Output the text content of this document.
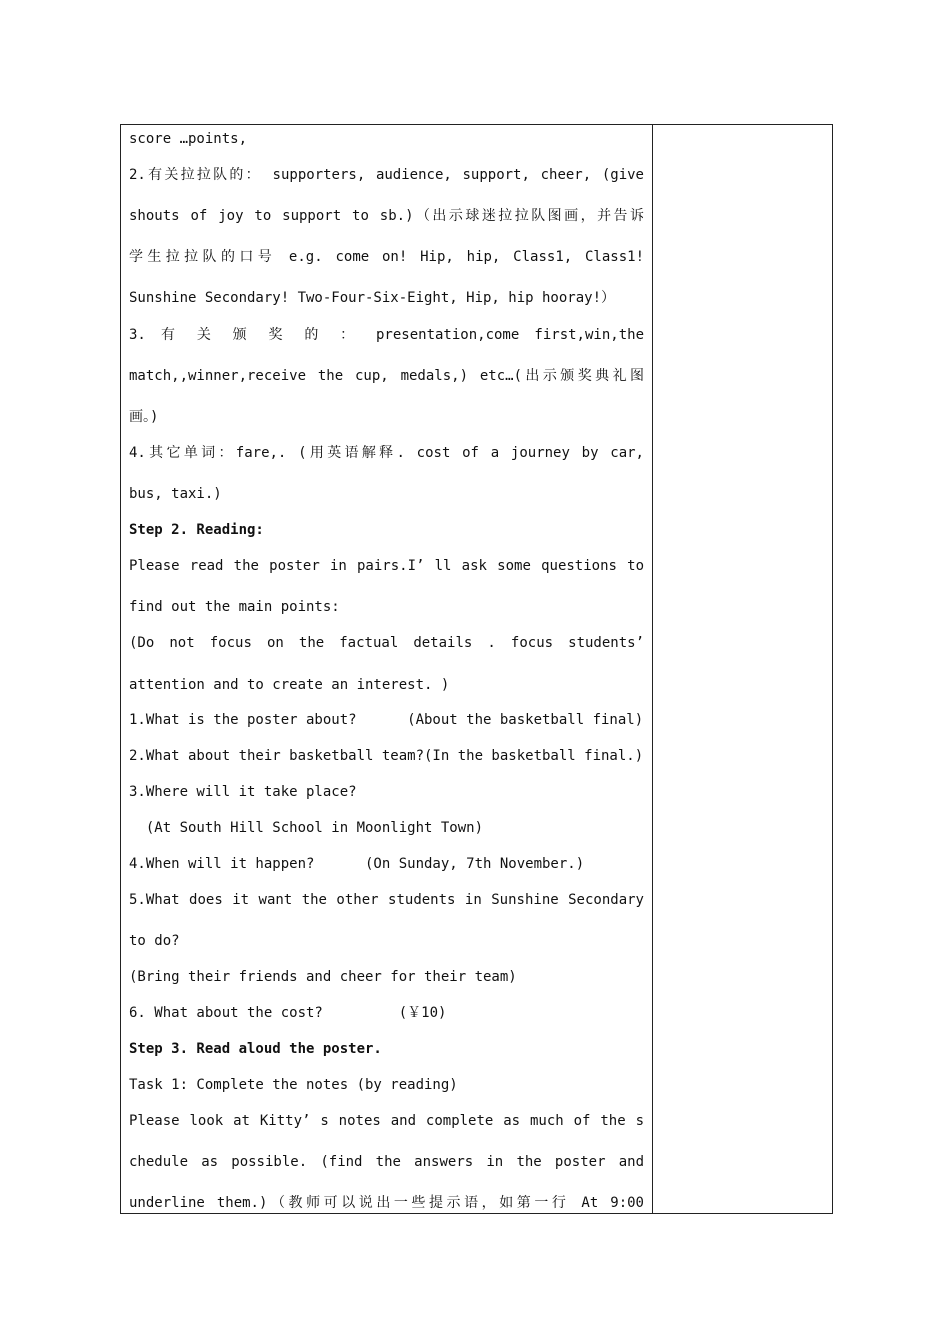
score …points,
2.有关拉拉队的： supporters, audience, support, cheer, (give
shouts of joy to support to sb.)（出示球迷拉拉队图画，并告诉
学生拉拉队的口号 e.g. come on! Hip, hip, Class1, Class1!
Sunshine Secondary! Two-Four-Six-Eight, Hip, hip hooray!）
3. 有 关 颁 奖 的 ： presentation,come first,win,the
match,,winner,receive the cup, medals,) etc…(出示颁奖典礼图
画。)
4.其它单词：fare,. (用英语解释. cost of a journey by car,
bus, taxi.)
Step 2. Reading:
Please read the poster in pairs.I’ ll ask some questions to
find out the main points:
(Do not focus on the factual details . focus students’
attention and to create an interest. )
1.What is the poster about?      (About the basketball final)
2.What about their basketball team?(In the basketball final.)
3.Where will it take place?
(At South Hill School in Moonlight Town)
4.When will it happen?      (On Sunday, 7th November.)
5.What does it want the other students in Sunshine Secondary
to do?
(Bring their friends and cheer for their team)
6. What about the cost?         (￥10)
Step 3. Read aloud the poster.
Task 1: Complete the notes (by reading)
Please look at Kitty’ s notes and complete as much of the s
chedule as possible. (find the answers in the poster and
underline them.)（教师可以说出一些提示语，如第一行 At 9:00
